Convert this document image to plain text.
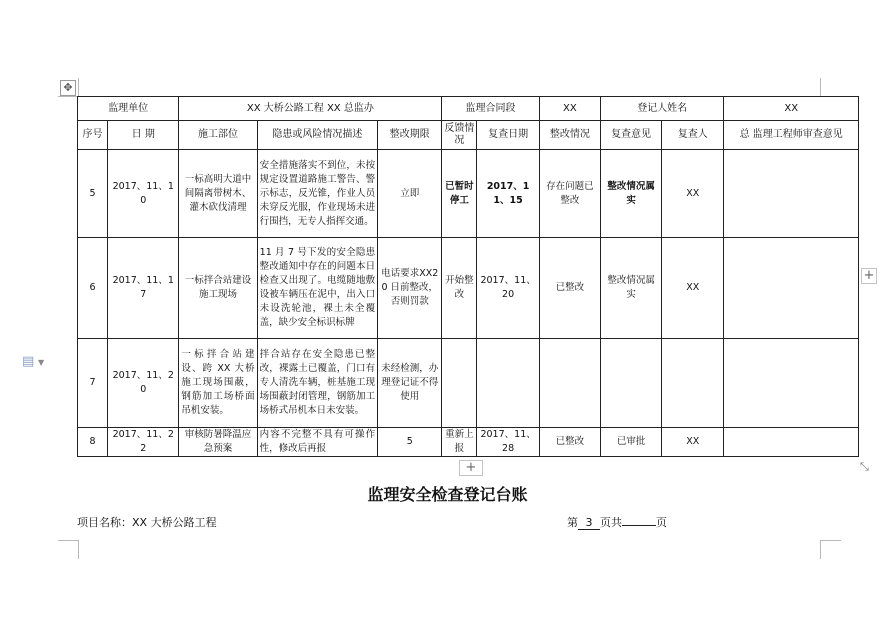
✥
+
+	⤡
▤ ▼
监理单位		XX 大桥公路工程 XX 总监办			监理合同段		XX	登记人姓名		XX
序号	日 期	施工部位	隐患或风险情况描述	整改期限	反馈情况	复查日期	整改情况	复查意见	复查人	总 监理工程师审查意见
5	2017、11、10	一标高明大道中间隔离带树木、灌木砍伐清理	安全措施落实不到位，未按规定设置道路施工警告、警示标志，反光锥，作业人员未穿反光服，作业现场未进行围挡，无专人指挥交通。	立即	已暂时停工	2017、11、15	存在问题已整改	整改情况属实	XX	
6	2017、11、17	一标拌合站建设施工现场	11 月 7 号下发的安全隐患整改通知中存在的问题本日检查又出现了。电缆随地敷设被车辆压在泥中，出入口未设洗轮池，裸土未全覆盖，缺少安全标识标牌	电话要求XX20 日前整改，否则罚款	开始整改	2017、11、20	已整改	整改情况属实	XX	
7	2017、11、20	一标拌合站建设、跨 XX 大桥施工现场围蔽，钢筋加工场桥面吊机安装。	拌合站存在安全隐患已整改，裸露土已覆盖，门口有专人清洗车辆，桩基施工现场围蔽封闭管理，钢筋加工场桥式吊机本日未安装。	未经检测，办理登记证不得使用						
8	2017、11、22	审核防暑降温应急预案	内容不完整不具有可操作性，修改后再报	5	重新上报	2017、11、28	已整改	已审批	XX	
监理安全检查登记台账
项目名称：XX 大桥公路工程	第 3 页共	页
